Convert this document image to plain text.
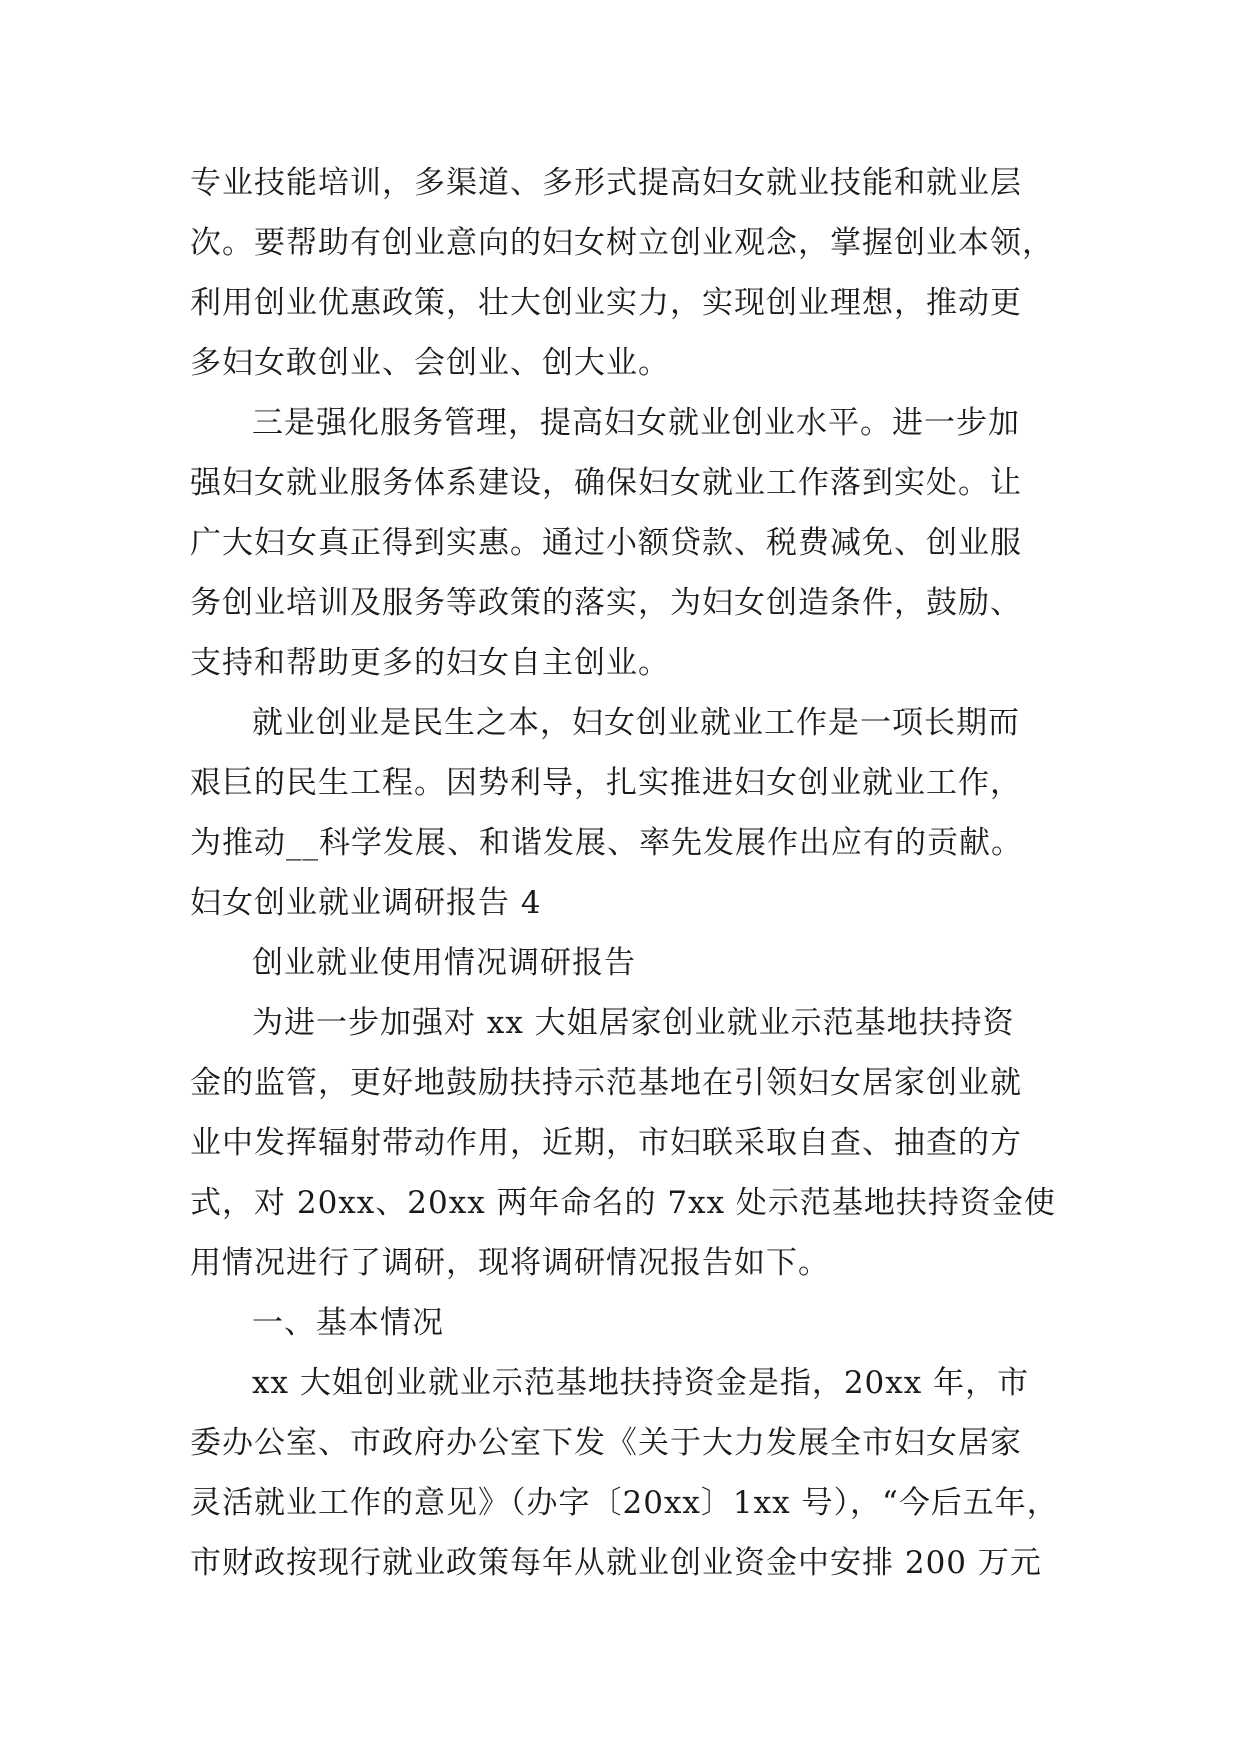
专业技能培训，多渠道、多形式提高妇女就业技能和就业层
次。要帮助有创业意向的妇女树立创业观念，掌握创业本领，
利用创业优惠政策，壮大创业实力，实现创业理想，推动更
多妇女敢创业、会创业、创大业。
三是强化服务管理，提高妇女就业创业水平。进一步加
强妇女就业服务体系建设，确保妇女就业工作落到实处。让
广大妇女真正得到实惠。通过小额贷款、税费减免、创业服
务创业培训及服务等政策的落实，为妇女创造条件，鼓励、
支持和帮助更多的妇女自主创业。
就业创业是民生之本，妇女创业就业工作是一项长期而
艰巨的民生工程。因势利导，扎实推进妇女创业就业工作，
为推动__科学发展、和谐发展、率先发展作出应有的贡献。
妇女创业就业调研报告 4
创业就业使用情况调研报告
为进一步加强对 xx 大姐居家创业就业示范基地扶持资
金的监管，更好地鼓励扶持示范基地在引领妇女居家创业就
业中发挥辐射带动作用，近期，市妇联采取自查、抽查的方
式，对 20xx、20xx 两年命名的 7xx 处示范基地扶持资金使
用情况进行了调研，现将调研情况报告如下。
一、基本情况
xx 大姐创业就业示范基地扶持资金是指，20xx 年，市
委办公室、市政府办公室下发《关于大力发展全市妇女居家
灵活就业工作的意见》（办字〔20xx〕1xx 号），“今后五年，
市财政按现行就业政策每年从就业创业资金中安排 200 万元
